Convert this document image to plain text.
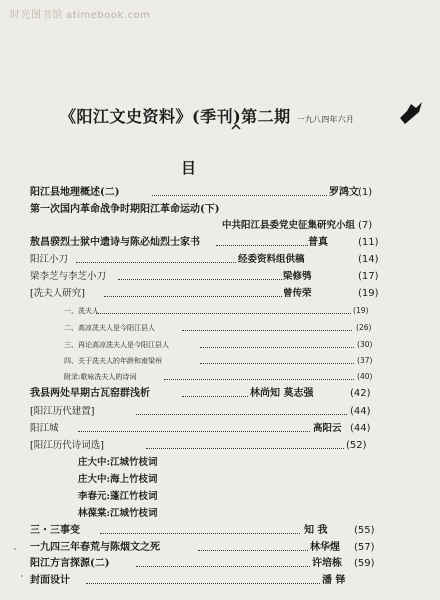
时光图书馆 atimebook.com
《阳江文史资料》(季刊)第二期 一九八四年六月
目
阳江县地理概述(二)	罗鸿文 (1)
第一次国内革命战争时期阳江革命运动(下)
中共阳江县委党史征集研究小组 (7)
敖昌骙烈士狱中遗诗与陈必灿烈士家书	普真	(11)
阳江小刀	经委资料组供稿	(14)
梁李芝与李芝小刀	梁修鸮	(17)
[冼夫人研究]	曾传荣	(19)
一、冼夫人	(19)
二、高凉冼夫人是今阳江县人	(26)
三、再论高凉冼夫人是今阳江县人	(30)
四、关于冼夫人的年龄和南梁州	(37)
附录:歌咏冼夫人的诗词	(40)
我县两处早期古瓦窑群浅析	林尚知 莫志强	(42)
[阳江历代建置]	(44)
阳江城	高阳云 (44)
[阳江历代诗词选]	(52)
庄大中:江城竹枝词
庄大中:海上竹枝词
李春元:蓬江竹枝词
林葆棠:江城竹枝词
三・三事变	知 我	(55)
一九四三年春荒与陈烟文之死	林华煋 (57)
阳江方言探源(二)	许培栋 (59)
封面设计	潘 铎
